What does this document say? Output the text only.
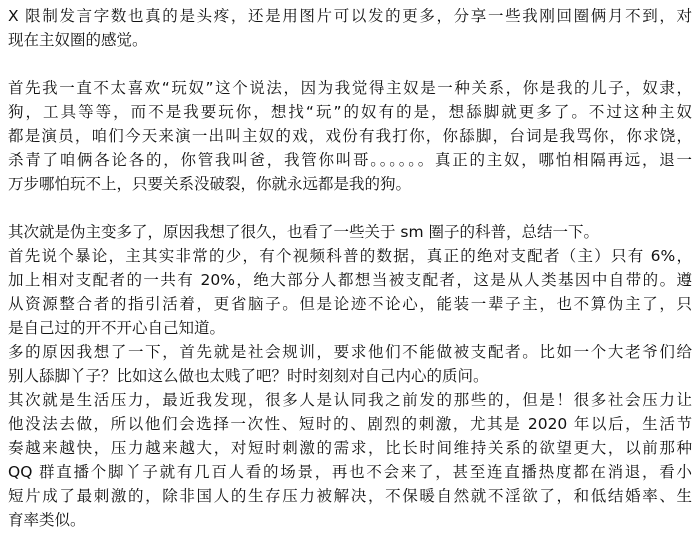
X 限制发言字数也真的是头疼，还是用图片可以发的更多，分享一些我刚回圈俩月不到，对
现在主奴圈的感觉。
首先我一直不太喜欢“玩奴”这个说法，因为我觉得主奴是一种关系，你是我的儿子，奴隶，
狗，工具等等，而不是我要玩你，想找“玩”的奴有的是，想舔脚就更多了。不过这种主奴
都是演员，咱们今天来演一出叫主奴的戏，戏份有我打你，你舔脚，台词是我骂你，你求饶，
杀青了咱俩各论各的，你管我叫爸，我管你叫哥。。。。。。真正的主奴，哪怕相隔再远，退一
万步哪怕玩不上，只要关系没破裂，你就永远都是我的狗。
其次就是伪主变多了，原因我想了很久，也看了一些关于 sm 圈子的科普，总结一下。
首先说个暴论，主其实非常的少，有个视频科普的数据，真正的绝对支配者（主）只有 6%，
加上相对支配者的一共有 20%，绝大部分人都想当被支配者，这是从人类基因中自带的。遵
从资源整合者的指引活着，更省脑子。但是论迹不论心，能装一辈子主，也不算伪主了，只
是自己过的开不开心自己知道。
多的原因我想了一下，首先就是社会规训，要求他们不能做被支配者。比如一个大老爷们给
别人舔脚丫子？比如这么做也太贱了吧？时时刻刻对自己内心的质问。
其次就是生活压力，最近我发现，很多人是认同我之前发的那些的，但是！很多社会压力让
他没法去做，所以他们会选择一次性、短时的、剧烈的刺激，尤其是 2020 年以后，生活节
奏越来越快，压力越来越大，对短时刺激的需求，比长时间维持关系的欲望更大，以前那种
QQ 群直播个脚丫子就有几百人看的场景，再也不会来了，甚至连直播热度都在消退，看小
短片成了最刺激的，除非国人的生存压力被解决，不保暖自然就不淫欲了，和低结婚率、生
育率类似。
